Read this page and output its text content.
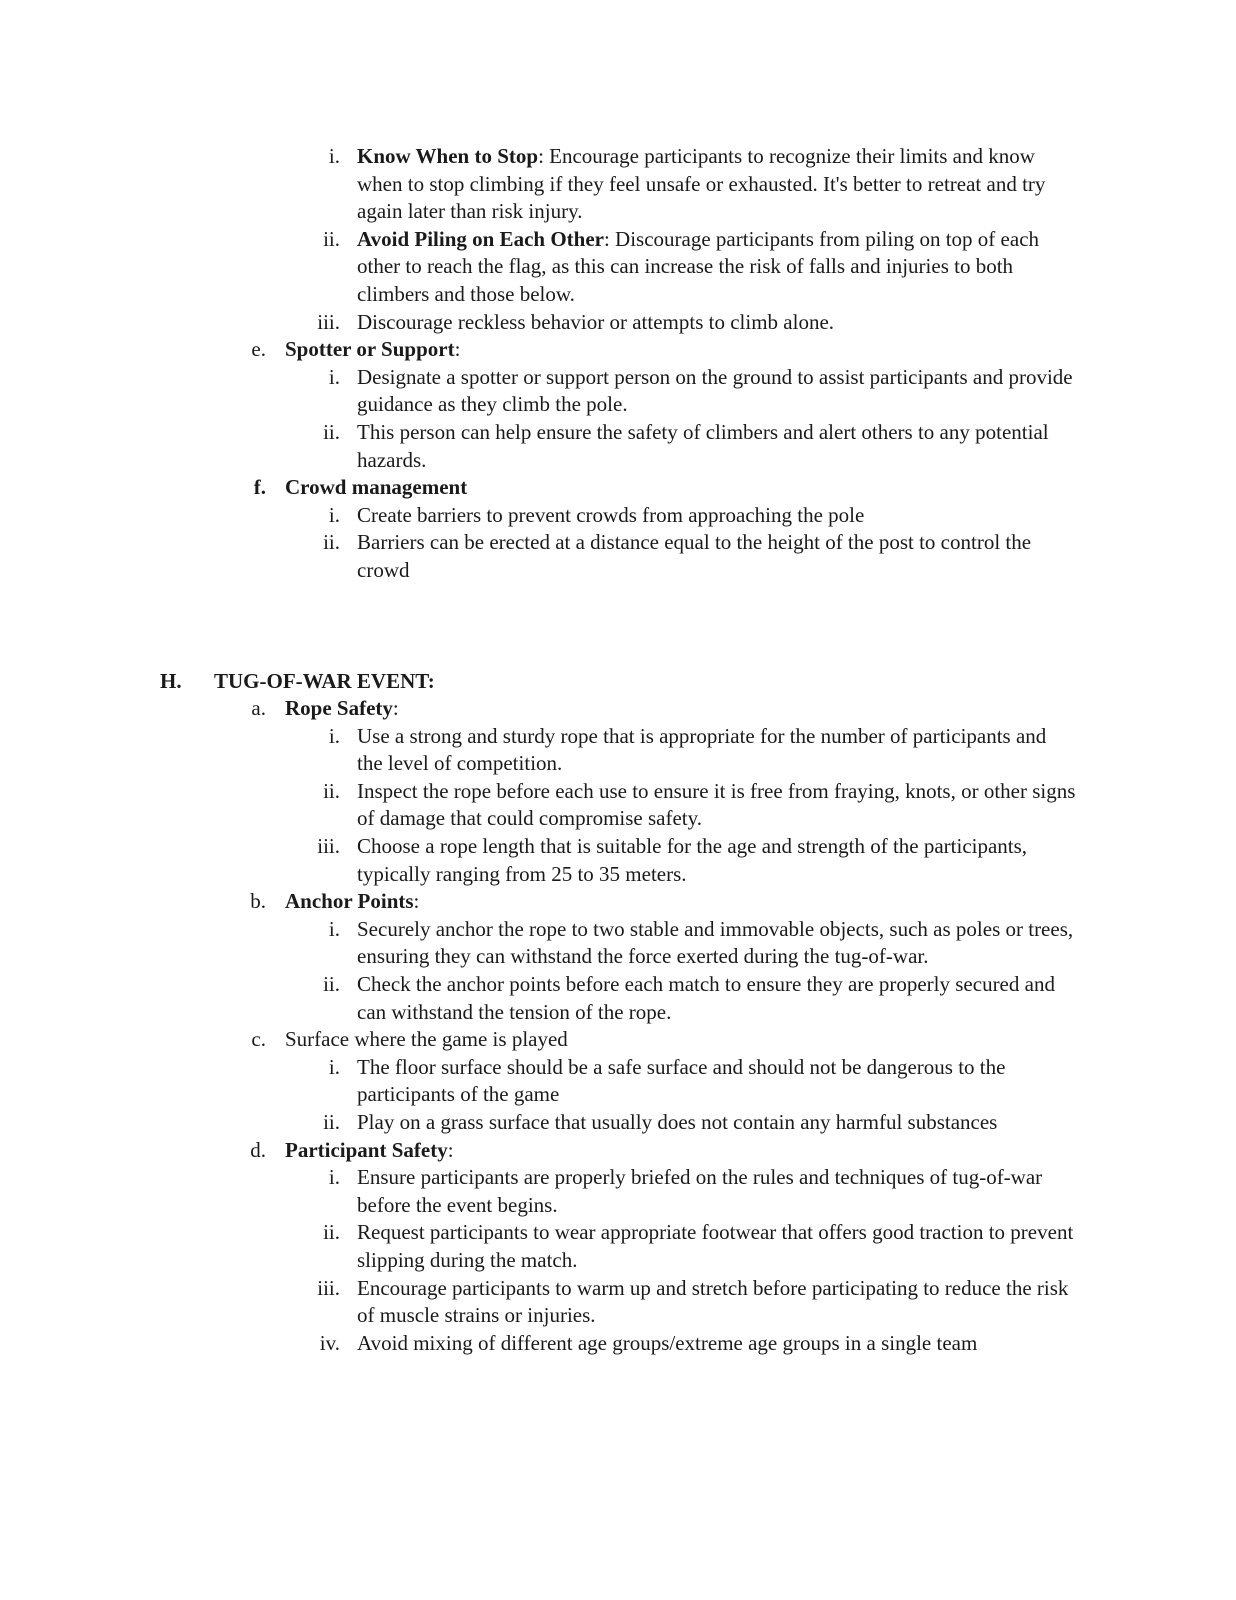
i. Know When to Stop: Encourage participants to recognize their limits and know when to stop climbing if they feel unsafe or exhausted. It's better to retreat and try again later than risk injury.
ii. Avoid Piling on Each Other: Discourage participants from piling on top of each other to reach the flag, as this can increase the risk of falls and injuries to both climbers and those below.
iii. Discourage reckless behavior or attempts to climb alone.
e. Spotter or Support:
i. Designate a spotter or support person on the ground to assist participants and provide guidance as they climb the pole.
ii. This person can help ensure the safety of climbers and alert others to any potential hazards.
f. Crowd management
i. Create barriers to prevent crowds from approaching the pole
ii. Barriers can be erected at a distance equal to the height of the post to control the crowd
H.	TUG-OF-WAR EVENT:
a. Rope Safety:
i. Use a strong and sturdy rope that is appropriate for the number of participants and the level of competition.
ii. Inspect the rope before each use to ensure it is free from fraying, knots, or other signs of damage that could compromise safety.
iii. Choose a rope length that is suitable for the age and strength of the participants, typically ranging from 25 to 35 meters.
b. Anchor Points:
i. Securely anchor the rope to two stable and immovable objects, such as poles or trees, ensuring they can withstand the force exerted during the tug-of-war.
ii. Check the anchor points before each match to ensure they are properly secured and can withstand the tension of the rope.
c. Surface where the game is played
i. The floor surface should be a safe surface and should not be dangerous to the participants of the game
ii. Play on a grass surface that usually does not contain any harmful substances
d. Participant Safety:
i. Ensure participants are properly briefed on the rules and techniques of tug-of-war before the event begins.
ii. Request participants to wear appropriate footwear that offers good traction to prevent slipping during the match.
iii. Encourage participants to warm up and stretch before participating to reduce the risk of muscle strains or injuries.
iv. Avoid mixing of different age groups/extreme age groups in a single team
